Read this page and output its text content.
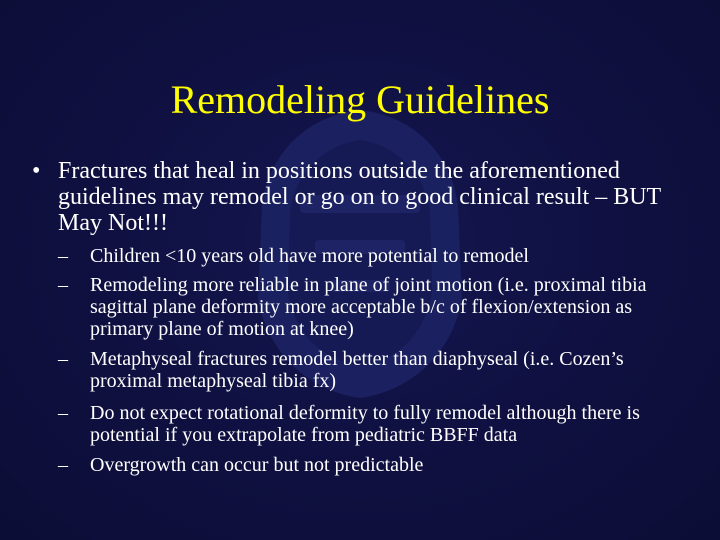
Remodeling Guidelines
• Fractures that heal in positions outside the aforementioned guidelines may remodel or go on to good clinical result – BUT May Not!!!
–	Children <10 years old have more potential to remodel
–	Remodeling more reliable in plane of joint motion (i.e. proximal tibia sagittal plane deformity more acceptable b/c of flexion/extension as primary plane of motion at knee)
–	Metaphyseal fractures remodel better than diaphyseal (i.e. Cozen’s proximal metaphyseal tibia fx)
–	Do not expect rotational deformity to fully remodel although there is potential if you extrapolate from pediatric BBFF data
–	Overgrowth can occur but not predictable
